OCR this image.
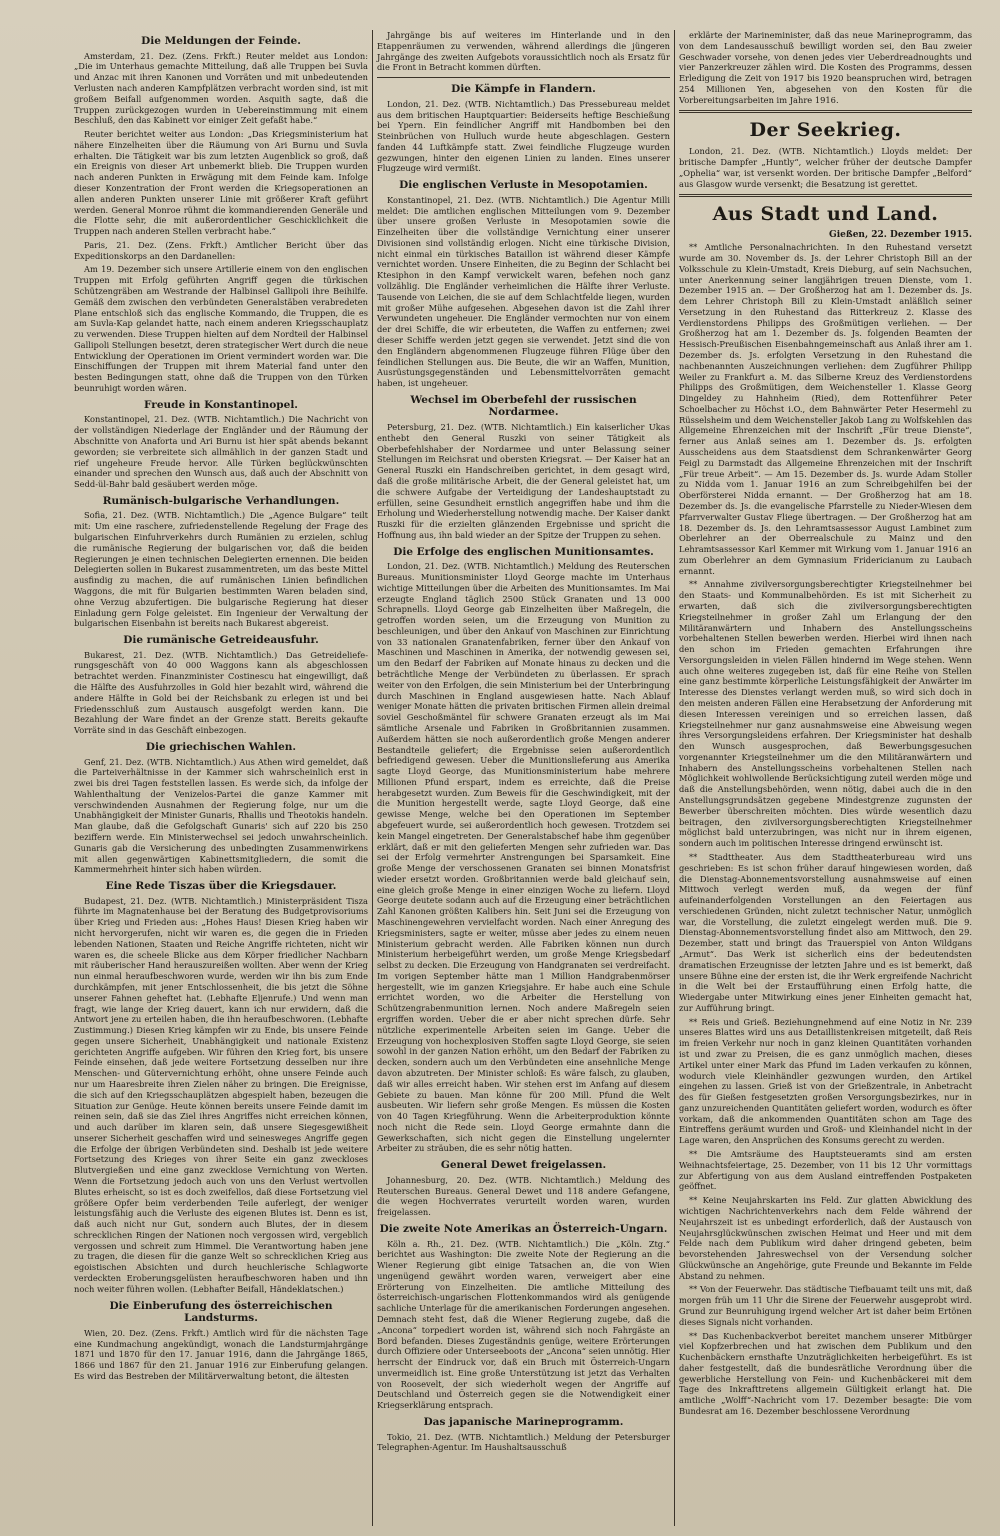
Die Meldungen der Feinde.

Amsterdam, 21. Dez. (Zens. Frkft.) Reuter meldet aus London: „Die im Unterhaus gemachte Mitteilung, daß alle Truppen bei Suvla und Anzac mit ihren Kanonen und Vorräten und mit unbedeutenden Verlusten nach anderen Kampfplätzen verbracht worden sind, ist mit großem Beifall aufgenommen worden. Asquith sagte, daß die Truppen zurückgezogen wurden in Uebereinstimmung mit einem Beschluß, den das Kabinett vor einiger Zeit gefaßt habe.“

Reuter berichtet weiter aus London: „Das Kriegsministerium hat nähere Einzelheiten über die Räumung von Ari Burnu und Suvla erhalten. Die Tätigkeit war bis zum letzten Augenblick so groß, daß ein Ereignis von dieser Art unbemerkt blieb. Die Truppen wurden nach anderen Punkten in Erwägung mit dem Feinde kam. Infolge dieser Konzentration der Front werden die Kriegsoperationen an allen anderen Punkten unserer Linie mit größerer Kraft geführt werden. General Monroe rühmt die kommandierenden Generäle und die Flotte sehr, die mit außerordentlicher Geschicklichkeit die Truppen nach anderen Stellen verbracht habe.“

Paris, 21. Dez. (Zens. Frkft.) Amtlicher Bericht über das Expeditionskorps an den Dardanellen:

Am 19. Dezember sich unsere Artillerie einem von den englischen Truppen mit Erfolg geführten Angriff gegen die türkischen Schützengräben am Westrande der Halbinsel Gallipoli ihre Beihilfe. Gemäß dem zwischen den verbündeten Generalstäben verabredeten Plane entschloß sich das englische Kommando, die Truppen, die es am Suvla-Kap gelandet hatte, nach einem anderen Kriegsschauplatz zu verwenden. Diese Truppen hielten auf dem Nordteil der Halbinsel Gallipoli Stellungen besetzt, deren strategischer Wert durch die neue Entwicklung der Operationen im Orient vermindert worden war. Die Einschiffungen der Truppen mit ihrem Material fand unter den besten Bedingungen statt, ohne daß die Truppen von den Türken beunruhigt worden wären.

Freude in Konstantinopel.

Konstantinopel, 21. Dez. (WTB. Nichtamtlich.) Die Nachricht von der vollständigen Niederlage der Engländer und der Räumung der Abschnitte von Anaforta und Ari Burnu ist hier spät abends bekannt geworden; sie verbreitete sich allmählich in der ganzen Stadt und rief ungeheure Freude hervor. Alle Türken beglückwünschten einander und sprechen den Wunsch aus, daß auch der Abschnitt von Sedd-ül-Bahr bald gesäubert werden möge.

Rumänisch-bulgarische Verhandlungen.

Sofia, 21. Dez. (WTB. Nichtamtlich.) Die „Agence Bulgare“ teilt mit: Um eine raschere, zufriedenstellende Regelung der Frage des bulgarischen Einfuhrverkehrs durch Rumänien zu erzielen, schlug die rumänische Regierung der bulgarischen vor, daß die beiden Regierungen je einen technischen Delegierten ernennen. Die beiden Delegierten sollen in Bukarest zusammentreten, um das beste Mittel ausfindig zu machen, die auf rumänischen Linien befindlichen Waggons, die mit für Bulgarien bestimmten Waren beladen sind, ohne Verzug abzufertigen. Die bulgarische Regierung hat dieser Einladung gern Folge geleistet. Ein Ingenieur der Verwaltung der bulgarischen Eisenbahn ist bereits nach Bukarest abgereist.

Die rumänische Getreideausfuhr.

Bukarest, 21. Dez. (WTB. Nichtamtlich.) Das Getreidelieferungsgeschäft von 40 000 Waggons kann als abgeschlossen betrachtet werden. Finanzminister Costinescu hat eingewilligt, daß die Hälfte des Ausfuhrzolles in Gold hier bezahlt wird, während die andere Hälfte in Gold bei der Reichsbank zu erlegen ist und bei Friedensschluß zum Austausch ausgefolgt werden kann. Die Bezahlung der Ware findet an der Grenze statt. Bereits gekaufte Vorräte sind in das Geschäft einbezogen.

Die griechischen Wahlen.

Genf, 21. Dez. (WTB. Nichtamtlich.) Aus Athen wird gemeldet, daß die Parteiverhältnisse in der Kammer sich wahrscheinlich erst in zwei bis drei Tagen feststellen lassen. Es werde sich, da infolge der Wahlenthaltung der Venizelos-Partei die ganze Kammer mit verschwindenden Ausnahmen der Regierung folge, nur um die Unabhängigkeit der Minister Gunaris, Rhallis und Theotokis handeln. Man glaube, daß die Gefolgschaft Gunaris' sich auf 220 bis 250 beziffern werde. Ein Ministerwechsel sei jedoch unwahrscheinlich. Gunaris gab die Versicherung des unbedingten Zusammenwirkens mit allen gegenwärtigen Kabinettsmitgliedern, die somit die Kammermehrheit hinter sich haben würden.

Eine Rede Tiszas über die Kriegsdauer.

Budapest, 21. Dez. (WTB. Nichtamtlich.) Ministerpräsident Tisza führte im Magnatenhause bei der Beratung des Budgetprovisoriums über Krieg und Frieden aus: „Hohes Haus! Diesen Krieg haben wir nicht hervorgerufen, nicht wir waren es, die gegen die in Frieden lebenden Nationen, Staaten und Reiche Angriffe richteten, nicht wir waren es, die scheele Blicke aus dem Körper friedlicher Nachbarn mit räuberischer Hand herauszureißen wollten. Aber wenn der Krieg nun einmal heraufbeschworen wurde, werden wir ihn bis zum Ende durchkämpfen, mit jener Entschlossenheit, die bis jetzt die Söhne unserer Fahnen geheftet hat. (Lebhafte Eljenrufe.) Und wenn man fragt, wie lange der Krieg dauert, kann ich nur erwidern, daß die Antwort jene zu erteilen haben, die ihn heraufbeschworen. (Lebhafte Zustimmung.) Diesen Krieg kämpfen wir zu Ende, bis unsere Feinde gegen unsere Sicherheit, Unabhängigkeit und nationale Existenz gerichteten Angriffe aufgeben. Wir führen den Krieg fort, bis unsere Feinde einsehen, daß jede weitere Fortsetzung desselben nur ihre Menschen- und Gütervernichtung erhöht, ohne unsere Feinde auch nur um Haaresbreite ihren Zielen näher zu bringen. Die Ereignisse, die sich auf den Kriegsschauplätzen abgespielt haben, bezeugen die Situation zur Genüge. Heute können bereits unsere Feinde damit im reinen sein, daß sie das Ziel ihres Angriffes nicht erreichen können, und auch darüber im klaren sein, daß unsere Siegesgewißheit unserer Sicherheit geschaffen wird und seinesweges Angriffe gegen die Erfolge der übrigen Verbündeten sind. Deshalb ist jede weitere Fortsetzung des Krieges von ihrer Seite ein ganz zweckloses Blutvergießen und eine ganz zwecklose Vernichtung von Werten. Wenn die Fortsetzung jedoch auch von uns den Verlust wertvollen Blutes erheischt, so ist es doch zweifellos, daß diese Fortsetzung viel größere Opfer beim verderbenden Teile auferlegt, der weniger leistungsfähig auch die Verluste des eigenen Blutes ist. Denn es ist, daß auch nicht nur Gut, sondern auch Blutes, der in diesem schrecklichen Ringen der Nationen noch vergossen wird, vergeblich vergossen und schreit zum Himmel. Die Verantwortung haben jene zu tragen, die diesen für die ganze Welt so schrecklichen Krieg aus egoistischen Absichten und durch heuchlerische Schlagworte verdeckten Eroberungsgelüsten heraufbeschworen haben und ihn noch weiter führen wollen. (Lebhafter Beifall, Händeklatschen.)

Die Einberufung des österreichischen Landsturms.

Wien, 20. Dez. (Zens. Frkft.) Amtlich wird für die nächsten Tage eine Kundmachung angekündigt, wonach die Landsturmjahrgänge 1871 und 1870 für den 17. Januar 1916, dann die Jahrgänge 1865, 1866 und 1867 für den 21. Januar 1916 zur Einberufung gelangen. Es wird das Bestreben der Militärverwaltung betont, die ältesten

Jahrgänge bis auf weiteres im Hinterlande und in den Etappenräumen zu verwenden, während allerdings die jüngeren Jahrgänge des zweiten Aufgebots voraussichtlich noch als Ersatz für die Front in Betracht kommen dürften.

Die Kämpfe in Flandern.

London, 21. Dez. (WTB. Nichtamtlich.) Das Pressebureau meldet aus dem britischen Hauptquartier: Beiderseits heftige Beschießung bei Ypern. Ein feindlicher Angriff mit Handbomben bei den Steinbrüchen von Hulluch wurde heute abgeschlagen. Gestern fanden 44 Luftkämpfe statt. Zwei feindliche Flugzeuge wurden gezwungen, hinter den eigenen Linien zu landen. Eines unserer Flugzeuge wird vermißt.

Die englischen Verluste in Mesopotamien.

Konstantinopel, 21. Dez. (WTB. Nichtamtlich.) Die Agentur Milli meldet: Die amtlichen englischen Mitteilungen vom 9. Dezember über unsere großen Verluste in Mesopotamien sowie die Einzelheiten über die vollständige Vernichtung einer unserer Divisionen sind vollständig erlogen. Nicht eine türkische Division, nicht einmal ein türkisches Bataillon ist während dieser Kämpfe vernichtet worden. Unsere Einheiten, die zu Beginn der Schlacht bei Ktesiphon in den Kampf verwickelt waren, befehen noch ganz vollzählig. Die Engländer verheimlichen die Hälfte ihrer Verluste. Tausende von Leichen, die sie auf dem Schlachtfelde liegen, wurden mit großer Mühe aufgesehen. Abgesehen davon ist die Zahl ihrer Verwundeten ungeheuer. Die Engländer vermochten nur von einem der drei Schiffe, die wir erbeuteten, die Waffen zu entfernen; zwei dieser Schiffe werden jetzt gegen sie verwendet. Jetzt sind die von den Engländern abgenommenen Flugzeuge führen Flüge über den feindlichen Stellungen aus. Die Beute, die wir an Waffen, Munition, Ausrüstungsgegenständen und Lebensmittelvorräten gemacht haben, ist ungeheuer.

Wechsel im Oberbefehl der russischen Nordarmee.

Petersburg, 21. Dez. (WTB. Nichtamtlich.) Ein kaiserlicher Ukas enthebt den General Ruszki von seiner Tätigkeit als Oberbefehlshaber der Nordarmee und unter Belassung seiner Stellungen im Reichsrat und obersten Kriegsrat. — Der Kaiser hat an General Ruszki ein Handschreiben gerichtet, in dem gesagt wird, daß die große militärische Arbeit, die der General geleistet hat, um die schwere Aufgabe der Verteidigung der Landeshauptstadt zu erfüllen, seine Gesundheit ernstlich angegriffen habe und ihm die Erholung und Wiederherstellung notwendig mache. Der Kaiser dankt Ruszki für die erzielten glänzenden Ergebnisse und spricht die Hoffnung aus, ihn bald wieder an der Spitze der Truppen zu sehen.

Die Erfolge des englischen Munitionsamtes.

London, 21. Dez. (WTB. Nichtamtlich.) Meldung des Reuterschen Bureaus. Munitionsminister Lloyd George machte im Unterhaus wichtige Mitteilungen über die Arbeiten des Munitionsamtes. Im Mai erzeugte England täglich 2500 Stück Granaten und 13 000 Schrapnells. Lloyd George gab Einzelheiten über Maßregeln, die getroffen worden seien, um die Erzeugung von Munition zu beschleunigen, und über den Ankauf von Maschinen zur Einrichtung von 33 nationalen Granatenfabriken, ferner über den Ankauf von Maschinen und Maschinen in Amerika, der notwendig gewesen sei, um den Bedarf der Fabriken auf Monate hinaus zu decken und die beträchtliche Menge der Verbündeten zu überlassen. Er sprach weiter von den Erfolgen, die sein Ministerium bei der Unterbringung durch Maschinen in England ausgewiesen hatte. Nach Ablauf weniger Monate hätten die privaten britischen Firmen allein dreimal soviel Geschoßmäntel für schwere Granaten erzeugt als im Mai sämtliche Arsenale und Fabriken in Großbritannien zusammen. Außerdem hätten sie noch außerordentlich große Mengen anderer Bestandteile geliefert; die Ergebnisse seien außerordentlich befriedigend gewesen. Ueber die Munitionslieferung aus Amerika sagte Lloyd George, das Munitionsministerium habe mehrere Millionen Pfund erspart, indem es erreichte, daß die Preise herabgesetzt wurden. Zum Beweis für die Geschwindigkeit, mit der die Munition hergestellt werde, sagte Lloyd George, daß eine gewisse Menge, welche bei den Operationen im September abgefeuert wurde, sei außerordentlich hoch gewesen. Trotzdem sei kein Mangel eingetreten. Der Generalstabschef habe ihm gegenüber erklärt, daß er mit den gelieferten Mengen sehr zufrieden war. Das sei der Erfolg vermehrter Anstrengungen bei Sparsamkeit. Eine große Menge der verschossenen Granaten sei binnen Monatsfrist wieder ersetzt worden. Großbritannien werde bald gleichauf sein, eine gleich große Menge in einer einzigen Woche zu liefern. Lloyd George deutete sodann auch auf die Erzeugung einer beträchtlichen Zahl Kanonen größten Kalibers hin. Seit Juni sei die Erzeugung von Maschinengewehren vervielfacht worden. Nach einer Anregung des Kriegsministers, sagte er weiter, müsse aber jedes zu einem neuen Ministerium gebracht werden. Alle Fabriken können nun durch Ministerium herbeigeführt werden, um große Menge Kriegsbedarf selbst zu decken. Die Erzeugung von Handgranaten sei verdreifacht. Im vorigen September hätte man 1 Million Handgrabenmörser hergestellt, wie im ganzen Kriegsjahre. Er habe auch eine Schule errichtet worden, wo die Arbeiter die Herstellung von Schützengrabenmunition lernen. Noch andere Maßregeln seien ergriffen worden. Ueber die er aber nicht sprechen dürfe. Sehr nützliche experimentelle Arbeiten seien im Gange. Ueber die Erzeugung von hochexplosiven Stoffen sagte Lloyd George, sie seien sowohl in der ganzen Nation erhöht, um den Bedarf der Fabriken zu decken, sondern auch um den Verbündeten eine ansehnliche Menge davon abzutreten. Der Minister schloß: Es wäre falsch, zu glauben, daß wir alles erreicht haben. Wir stehen erst im Anfang auf diesem Gebiete zu bauen. Man könne für 200 Mill. Pfund die Welt ausbeuten. Wir liefern sehr große Mengen. Es müssen die Kosten von 40 Tagen Kriegführung. Wenn die Arbeiterproduktion könnte noch nicht die Rede sein. Lloyd George ermahnte dann die Gewerkschaften, sich nicht gegen die Einstellung ungelernter Arbeiter zu sträuben, die es sehr nötig hatten.

General Dewet freigelassen.

Johannesburg, 20. Dez. (WTB. Nichtamtlich.) Meldung des Reuterschen Bureaus. General Dewet und 118 andere Gefangene, die wegen Hochverrates verurteilt worden waren, wurden freigelassen.

Die zweite Note Amerikas an Österreich-Ungarn.

Köln a. Rh., 21. Dez. (WTB. Nichtamtlich.) Die „Köln. Ztg.“ berichtet aus Washington: Die zweite Note der Regierung an die Wiener Regierung gibt einige Tatsachen an, die von Wien ungenügend gewährt worden waren, verweigert aber eine Erörterung von Einzelheiten. Die amtliche Mitteilung des österreichisch-ungarischen Flottenkommandos wird als genügende sachliche Unterlage für die amerikanischen Forderungen angesehen. Demnach steht fest, daß die Wiener Regierung zugebe, daß die „Ancona“ torpediert worden ist, während sich noch Fahrgäste an Bord befanden. Dieses Zugeständnis genüge, weitere Erörterungen durch Offiziere oder Unterseeboots der „Ancona“ seien unnötig. Hier herrscht der Eindruck vor, daß ein Bruch mit Österreich-Ungarn unvermeidlich ist. Eine große Unterstützung ist jetzt das Verhalten von Roosevelt, der sich wiederholt wegen der Angriffe auf Deutschland und Österreich gegen sie die Notwendigkeit einer Kriegserklärung entsprach.

Das japanische Marineprogramm.

Tokio, 21. Dez. (WTB. Nichtamtlich.) Meldung der Petersburger Telegraphen-Agentur. Im Haushaltsausschuß

erklärte der Marineminister, daß das neue Marineprogramm, das von dem Landesausschuß bewilligt worden sei, den Bau zweier Geschwader vorsehe, von denen jedes vier Ueberdreadnoughts und vier Panzerkreuzer zählen wird. Die Kosten des Programms, dessen Erledigung die Zeit von 1917 bis 1920 beanspruchen wird, betragen 254 Millionen Yen, abgesehen von den Kosten für die Vorbereitungsarbeiten im Jahre 1916.

Der Seekrieg.

London, 21. Dez. (WTB. Nichtamtlich.) Lloyds meldet: Der britische Dampfer „Huntly“, welcher früher der deutsche Dampfer „Ophelia“ war, ist versenkt worden. Der britische Dampfer „Belford“ aus Glasgow wurde versenkt; die Besatzung ist gerettet.

Aus Stadt und Land.
Gießen, 22. Dezember 1915.

** Amtliche Personalnachrichten. In den Ruhestand versetzt wurde am 30. November ds. Js. der Lehrer Christoph Bill an der Volksschule zu Klein-Umstadt, Kreis Dieburg, auf sein Nachsuchen, unter Anerkennung seiner langjährigen treuen Dienste, vom 1. Dezember 1915 an. — Der Großherzog hat am 1. Dezember ds. Js. dem Lehrer Christoph Bill zu Klein-Umstadt anläßlich seiner Versetzung in den Ruhestand das Ritterkreuz 2. Klasse des Verdienstordens Philipps des Großmütigen verliehen. — Der Großherzog hat am 1. Dezember ds. Js. folgenden Beamten der Hessisch-Preußischen Eisenbahngemeinschaft aus Anlaß ihrer am 1. Dezember ds. Js. erfolgten Versetzung in den Ruhestand die nachbenannten Auszeichnungen verliehen: dem Zugführer Philipp Weiler zu Frankfurt a. M. das Silberne Kreuz des Verdienstordens Philipps des Großmütigen, dem Weichensteller 1. Klasse Georg Dingeldey zu Hahnheim (Ried), dem Rottenführer Peter Schoelbacher zu Höchst i.O., dem Bahnwärter Peter Hesermehl zu Rüsselsheim und dem Weichensteller Jakob Lang zu Wolfskehlen das Allgemeine Ehrenzeichen mit der Inschrift „Für treue Dienste“, ferner aus Anlaß seines am 1. Dezember ds. Js. erfolgten Ausscheidens aus dem Staatsdienst dem Schrankenwärter Georg Feigl zu Darmstadt das Allgemeine Ehrenzeichen mit der Inschrift „Für treue Arbeit“. — Am 15. Dezember ds. Js. wurde Adam Stoller zu Nidda vom 1. Januar 1916 an zum Schreibgehilfen bei der Oberförsterei Nidda ernannt. — Der Großherzog hat am 18. Dezember ds. Js. die evangelische Pfarrstelle zu Nieder-Wiesen dem Pfarrverwalter Gustav Fliege übertragen. — Der Großherzog hat am 18. Dezember ds. Js. den Lehramtsassessor August Lambinet zum Oberlehrer an der Oberrealschule zu Mainz und den Lehramtsassessor Karl Kemmer mit Wirkung vom 1. Januar 1916 an zum Oberlehrer an dem Gymnasium Fridericianum zu Laubach ernannt.

** Annahme zivilversorgungsberechtigter Kriegsteilnehmer bei den Staats- und Kommunalbehörden. Es ist mit Sicherheit zu erwarten, daß sich die zivilversorgungsberechtigten Kriegsteilnehmer in großer Zahl um Erlangung der den Militäranwärtern und Inhabern des Anstellungsscheins vorbehaltenen Stellen bewerben werden. Hierbei wird ihnen nach den schon im Frieden gemachten Erfahrungen ihre Versorgungsleiden in vielen Fällen hindernd im Wege stehen. Wenn auch ohne weiteres zugegeben ist, daß für eine Reihe von Stellen eine ganz bestimmte körperliche Leistungsfähigkeit der Anwärter im Interesse des Dienstes verlangt werden muß, so wird sich doch in den meisten anderen Fällen eine Herabsetzung der Anforderung mit diesen Interessen vereinigen und so erreichen lassen, daß Kriegsteilnehmer nur ganz ausnahmsweise eine Abweisung wegen ihres Versorgungsleidens erfahren. Der Kriegsminister hat deshalb den Wunsch ausgesprochen, daß Bewerbungsgesuchen vorgenannter Kriegsteilnehmer um die den Militäranwärtern und Inhabern des Anstellungsscheins vorbehaltenen Stellen nach Möglichkeit wohlwollende Berücksichtigung zuteil werden möge und daß die Anstellungsbehörden, wenn nötig, dabei auch die in den Anstellungsgrundsätzen gegebene Mindestgrenze zugunsten der Bewerber überschreiten möchten. Dies würde wesentlich dazu beitragen, den zivilversorgungsberechtigten Kriegsteilnehmer möglichst bald unterzubringen, was nicht nur in ihrem eigenen, sondern auch im politischen Interesse dringend erwünscht ist.

** Stadttheater. Aus dem Stadttheaterbureau wird uns geschrieben: Es ist schon früher darauf hingewiesen worden, daß die Dienstag-Abonnementsvorstellung ausnahmsweise auf einen Mittwoch verlegt werden muß, da wegen der fünf aufeinanderfolgenden Vorstellungen an den Feiertagen aus verschiedenen Gründen, nicht zuletzt technischer Natur, unmöglich war, die Vorstellung, die zuletzt eingelegt werden muß. Die 9. Dienstag-Abonnementsvorstellung findet also am Mittwoch, den 29. Dezember, statt und bringt das Trauerspiel von Anton Wildgans „Armut“. Das Werk ist sicherlich eins der bedeutendsten dramatischen Erzeugnisse der letzten Jahre und es ist bemerkt, daß unsere Bühne eine der ersten ist, die ihr Werk ergreifende Nachricht in die Welt bei der Erstaufführung einen Erfolg hatte, die Wiedergabe unter Mitwirkung eines jener Einheiten gemacht hat, zur Aufführung bringt.

** Reis und Grieß. Beziehungnehmend auf eine Notiz in Nr. 239 unseres Blattes wird uns aus Detaillistenkreisen mitgeteilt, daß Reis im freien Verkehr nur noch in ganz kleinen Quantitäten vorhanden ist und zwar zu Preisen, die es ganz unmöglich machen, dieses Artikel unter einer Mark das Pfund im Laden verkaufen zu können, wodurch viele Kleinhändler gezwungen wurden, den Artikel eingehen zu lassen. Grieß ist von der Grießzentrale, in Anbetracht des für Gießen festgesetzten großen Versorgungsbezirkes, nur in ganz unzureichenden Quantitäten geliefert worden, wodurch es öfter vorkam, daß die ankommenden Quantitäten schon am Tage des Eintreffens geräumt wurden und Groß- und Kleinhandel nicht in der Lage waren, den Ansprüchen des Konsums gerecht zu werden.

** Die Amtsräume des Hauptsteueramts sind am ersten Weihnachtsfeiertage, 25. Dezember, von 11 bis 12 Uhr vormittags zur Abfertigung von aus dem Ausland eintreffenden Postpaketen geöffnet.

** Keine Neujahrskarten ins Feld. Zur glatten Abwicklung des wichtigen Nachrichtenverkehrs nach dem Felde während der Neujahrszeit ist es unbedingt erforderlich, daß der Austausch von Neujahrsglückwünschen zwischen Heimat und Heer und mit dem Felde nach dem Publikum wird daher dringend gebeten, beim bevorstehenden Jahreswechsel von der Versendung solcher Glückwünsche an Angehörige, gute Freunde und Bekannte im Felde Abstand zu nehmen.

** Von der Feuerwehr. Das städtische Tiefbauamt teilt uns mit, daß morgen früh um 11 Uhr die Sirene der Feuerwehr ausgeprobt wird. Grund zur Beunruhigung irgend welcher Art ist daher beim Ertönen dieses Signals nicht vorhanden.

** Das Kuchenbackverbot bereitet manchem unserer Mitbürger viel Kopfzerbrechen und hat zwischen dem Publikum und den Kuchenbäckern ernsthafte Unzuträglichkeiten herbeigeführt. Es ist daher festgestellt, daß die bundesrätliche Verordnung über die gewerbliche Herstellung von Fein- und Kuchenbäckerei mit dem Tage des Inkrafttretens allgemein Gültigkeit erlangt hat. Die amtliche „Wolff“-Nachricht vom 17. Dezember besagte: Die vom Bundesrat am 16. Dezember beschlossene Verordnung
